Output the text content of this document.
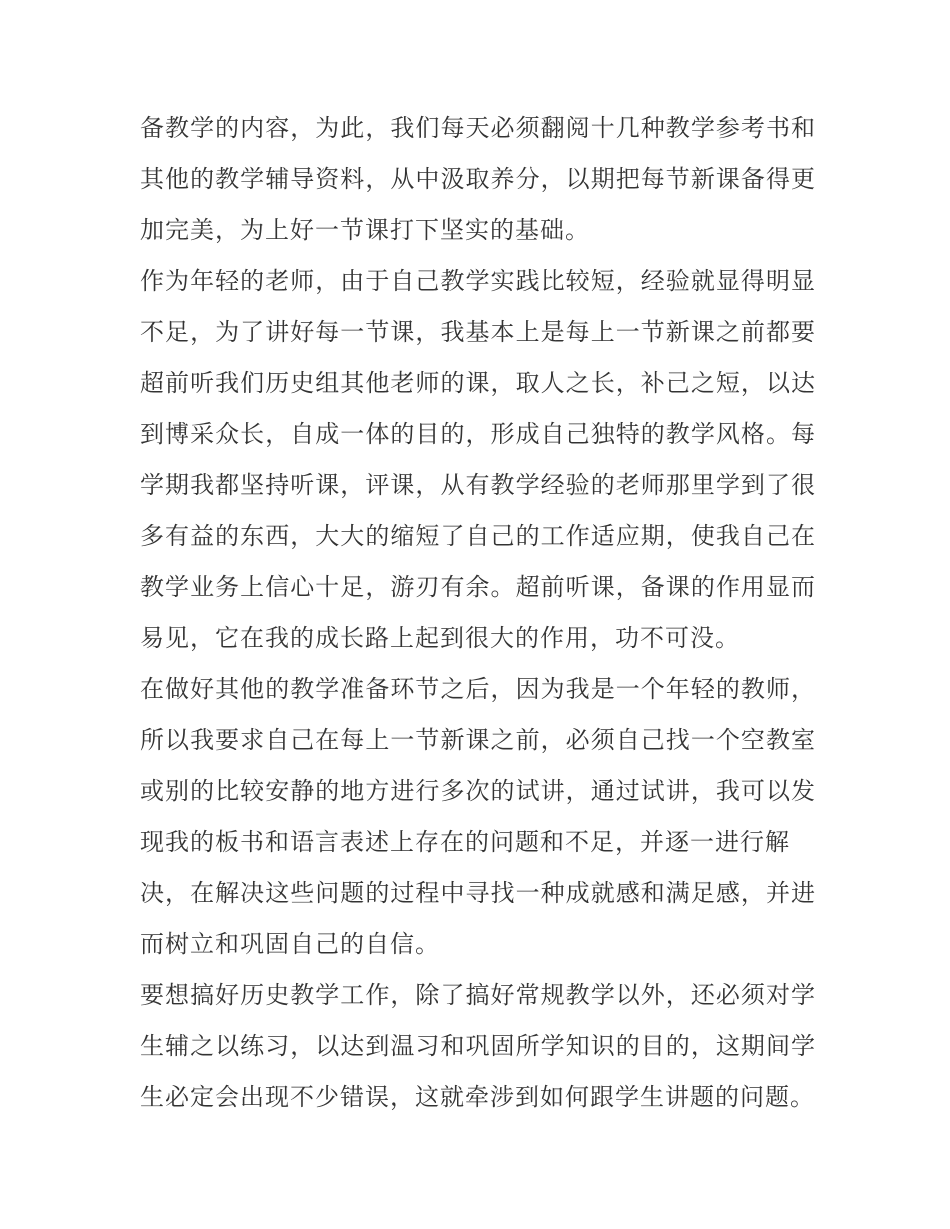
备教学的内容，为此，我们每天必须翻阅十几种教学参考书和
其他的教学辅导资料，从中汲取养分，以期把每节新课备得更
加完美，为上好一节课打下坚实的基础。
作为年轻的老师，由于自己教学实践比较短，经验就显得明显
不足，为了讲好每一节课，我基本上是每上一节新课之前都要
超前听我们历史组其他老师的课，取人之长，补己之短，以达
到博采众长，自成一体的目的，形成自己独特的教学风格。每
学期我都坚持听课，评课，从有教学经验的老师那里学到了很
多有益的东西，大大的缩短了自己的工作适应期，使我自己在
教学业务上信心十足，游刃有余。超前听课，备课的作用显而
易见，它在我的成长路上起到很大的作用，功不可没。
在做好其他的教学准备环节之后，因为我是一个年轻的教师，
所以我要求自己在每上一节新课之前，必须自己找一个空教室
或别的比较安静的地方进行多次的试讲，通过试讲，我可以发
现我的板书和语言表述上存在的问题和不足，并逐一进行解
决，在解决这些问题的过程中寻找一种成就感和满足感，并进
而树立和巩固自己的自信。
要想搞好历史教学工作，除了搞好常规教学以外，还必须对学
生辅之以练习，以达到温习和巩固所学知识的目的，这期间学
生必定会出现不少错误，这就牵涉到如何跟学生讲题的问题。
